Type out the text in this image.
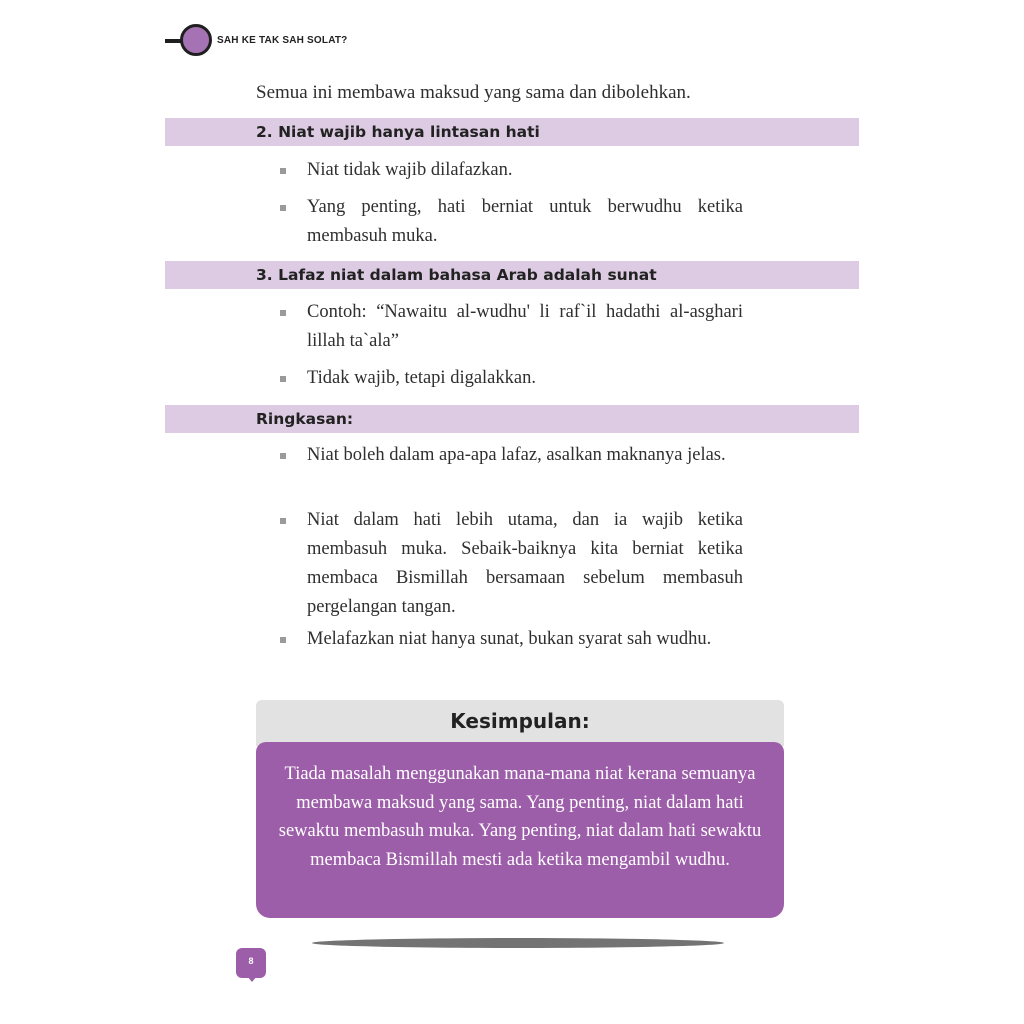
SAH KE TAK SAH SOLAT?
Semua ini membawa maksud yang sama dan dibolehkan.
2. Niat wajib hanya lintasan hati
Niat tidak wajib dilafazkan.
Yang penting, hati berniat untuk berwudhu ketika membasuh muka.
3. Lafaz niat dalam bahasa Arab adalah sunat
Contoh: “Nawaitu al-wudhu' li raf`il hadathi al-asghari lillah ta`ala”
Tidak wajib, tetapi digalakkan.
Ringkasan:
Niat boleh dalam apa-apa lafaz, asalkan maknanya jelas.
Niat dalam hati lebih utama, dan ia wajib ketika membasuh muka. Sebaik-baiknya kita berniat ketika membaca Bismillah bersamaan sebelum membasuh pergelangan tangan.
Melafazkan niat hanya sunat, bukan syarat sah wudhu.
Kesimpulan:
Tiada masalah menggunakan mana-mana niat kerana semuanya membawa maksud yang sama. Yang penting, niat dalam hati sewaktu membasuh muka. Yang penting, niat dalam hati sewaktu membaca Bismillah mesti ada ketika mengambil wudhu.
8
